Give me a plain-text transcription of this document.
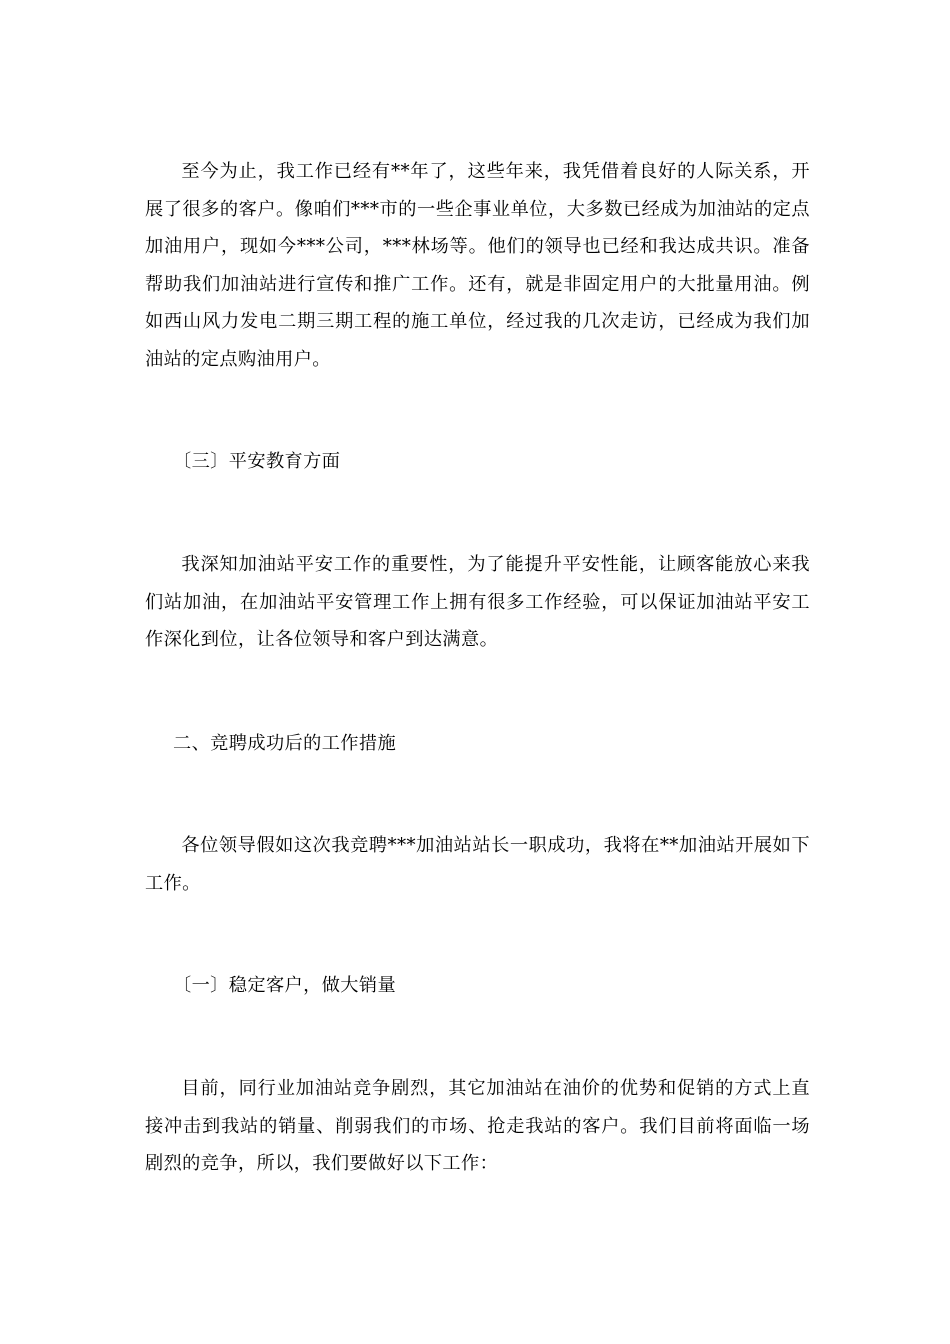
至今为止，我工作已经有**年了，这些年来，我凭借着良好的人际关系，开展了很多的客户。像咱们***市的一些企事业单位，大多数已经成为加油站的定点加油用户，现如今***公司，***林场等。他们的领导也已经和我达成共识。准备帮助我们加油站进行宣传和推广工作。还有，就是非固定用户的大批量用油。例如西山风力发电二期三期工程的施工单位，经过我的几次走访，已经成为我们加油站的定点购油用户。

〔三〕平安教育方面

我深知加油站平安工作的重要性，为了能提升平安性能，让顾客能放心来我们站加油，在加油站平安管理工作上拥有很多工作经验，可以保证加油站平安工作深化到位，让各位领导和客户到达满意。

二、竞聘成功后的工作措施

各位领导假如这次我竞聘***加油站站长一职成功，我将在**加油站开展如下工作。

〔一〕稳定客户，做大销量

目前，同行业加油站竞争剧烈，其它加油站在油价的优势和促销的方式上直接冲击到我站的销量、削弱我们的市场、抢走我站的客户。我们目前将面临一场剧烈的竞争，所以，我们要做好以下工作：
